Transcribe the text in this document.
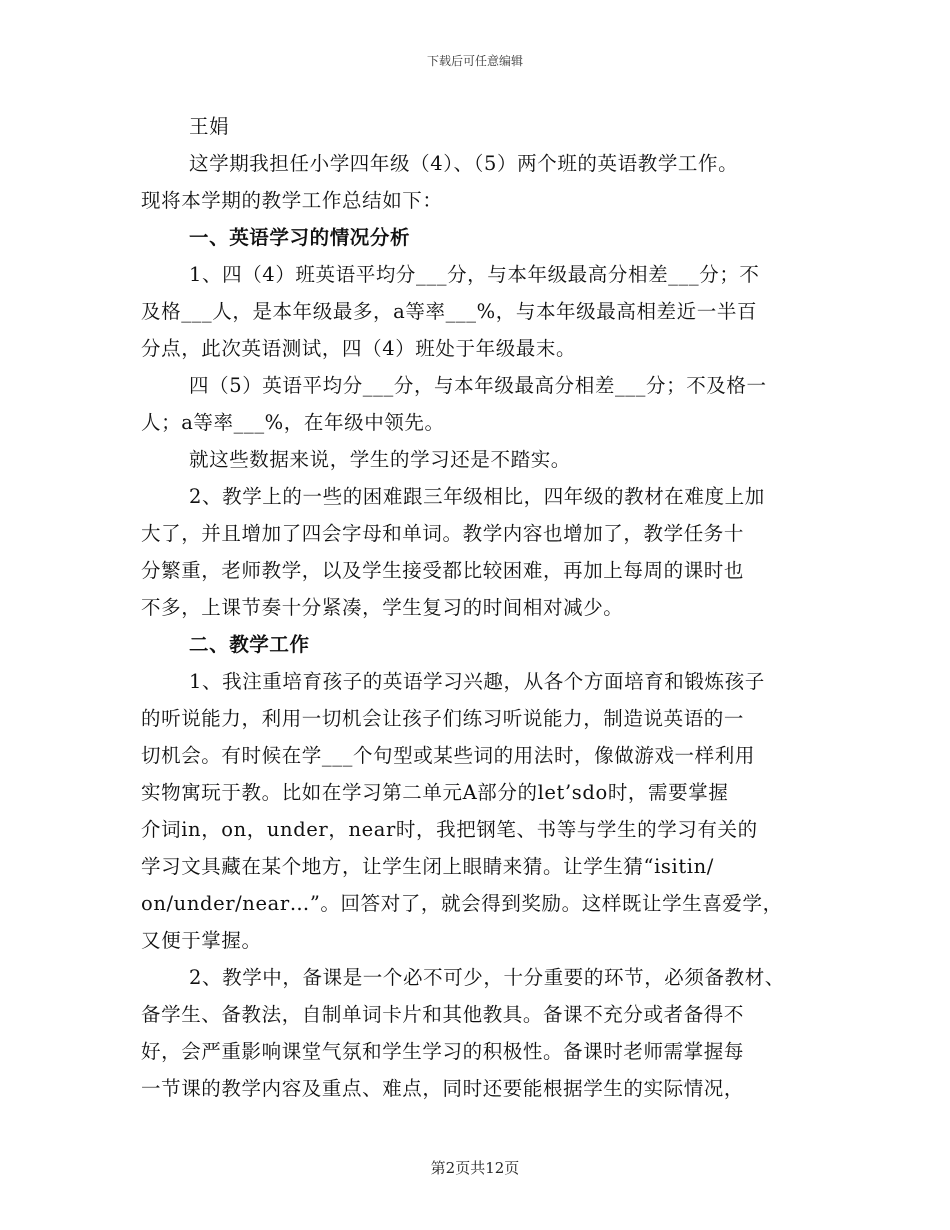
下载后可任意编辑
王娟
这学期我担任小学四年级（4）、（5）两个班的英语教学工作。
现将本学期的教学工作总结如下：
一、英语学习的情况分析
1、四（4）班英语平均分___分，与本年级最高分相差___分；不
及格___人，是本年级最多，a等率___%，与本年级最高相差近一半百
分点，此次英语测试，四（4）班处于年级最末。
四（5）英语平均分___分，与本年级最高分相差___分；不及格一
人；a等率___%，在年级中领先。
就这些数据来说，学生的学习还是不踏实。
2、教学上的一些的困难跟三年级相比，四年级的教材在难度上加
大了，并且增加了四会字母和单词。教学内容也增加了，教学任务十
分繁重，老师教学，以及学生接受都比较困难，再加上每周的课时也
不多，上课节奏十分紧凑，学生复习的时间相对减少。
二、教学工作
1、我注重培育孩子的英语学习兴趣，从各个方面培育和锻炼孩子
的听说能力，利用一切机会让孩子们练习听说能力，制造说英语的一
切机会。有时候在学___个句型或某些词的用法时，像做游戏一样利用
实物寓玩于教。比如在学习第二单元A部分的let’sdo时，需要掌握
介词in，on，under，near时，我把钢笔、书等与学生的学习有关的
学习文具藏在某个地方，让学生闭上眼睛来猜。让学生猜“isitin/
on/under/near…”。回答对了，就会得到奖励。这样既让学生喜爱学，
又便于掌握。
2、教学中，备课是一个必不可少，十分重要的环节，必须备教材、
备学生、备教法，自制单词卡片和其他教具。备课不充分或者备得不
好，会严重影响课堂气氛和学生学习的积极性。备课时老师需掌握每
一节课的教学内容及重点、难点，同时还要能根据学生的实际情况，
第2页共12页
